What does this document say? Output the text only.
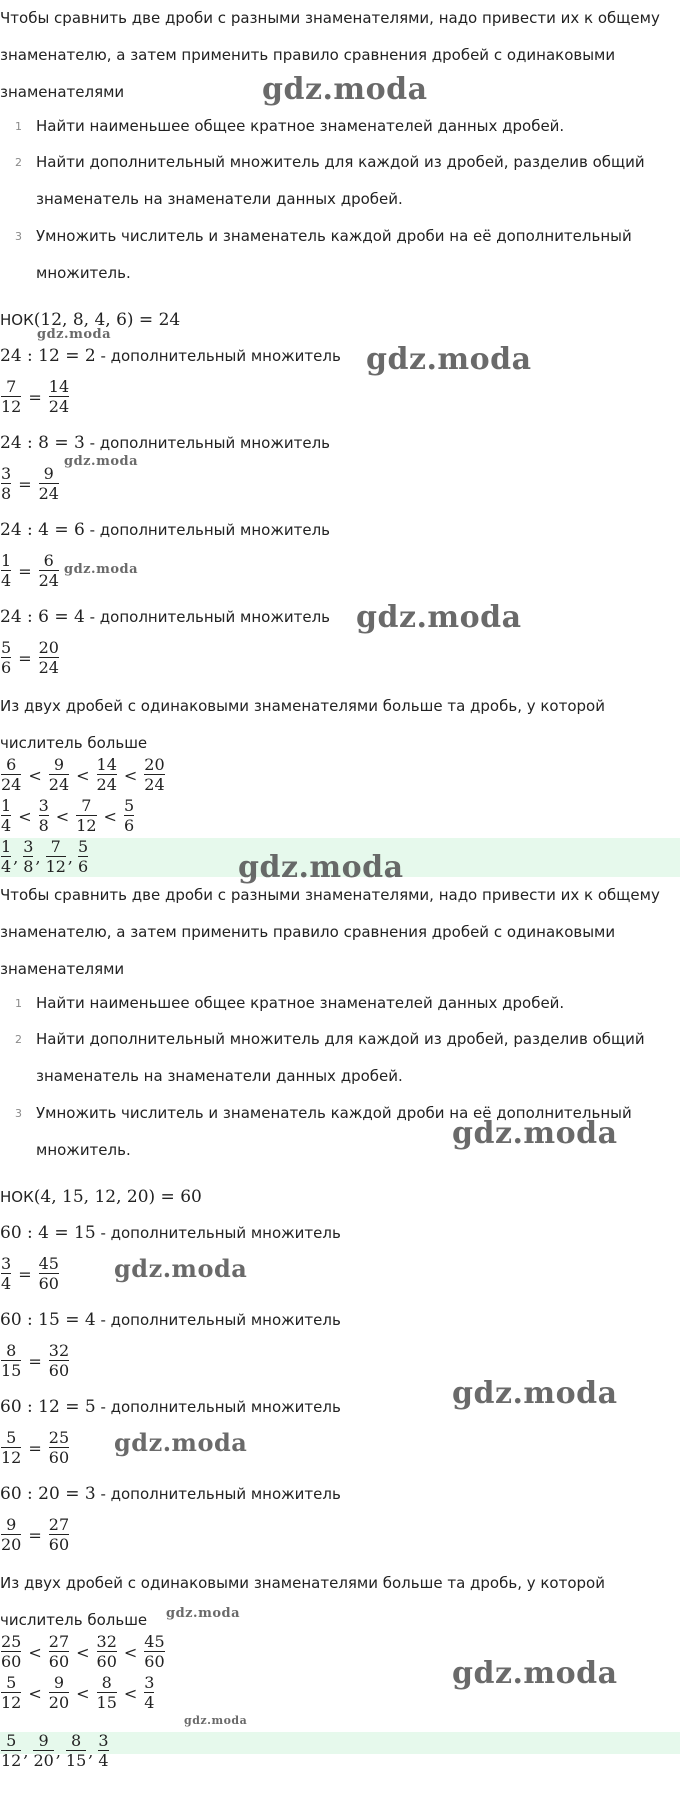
Чтобы сравнить две дроби с разными знаменателями, надо привести их к общему знаменателю, а затем применить правило сравнения дробей с одинаковыми знаменателями
1 Найти наименьшее общее кратное знаменателей данных дробей.
2 Найти дополнительный множитель для каждой из дробей, разделив общий знаменатель на знаменатели данных дробей.
3 Умножить числитель и знаменатель каждой дроби на её дополнительный множитель.
НОК(12, 8, 4, 6) = 24
24 : 12 = 2 - дополнительный множитель
$\frac{7}{12} = \frac{14}{24}$
24 : 8 = 3 - дополнительный множитель
$\frac{3}{8} = \frac{9}{24}$
24 : 4 = 6 - дополнительный множитель
$\frac{1}{4} = \frac{6}{24}$
24 : 6 = 4 - дополнительный множитель
$\frac{5}{6} = \frac{20}{24}$
Из двух дробей с одинаковыми знаменателями больше та дробь, у которой числитель больше
$\frac{6}{24} < \frac{9}{24} < \frac{14}{24} < \frac{20}{24}$
$\frac{1}{4} < \frac{3}{8} < \frac{7}{12} < \frac{5}{6}$
$\frac{1}{4}$ , $\frac{3}{8}$ , $\frac{7}{12}$ , $\frac{5}{6}$
Чтобы сравнить две дроби с разными знаменателями, надо привести их к общему знаменателю, а затем применить правило сравнения дробей с одинаковыми знаменателями
1 Найти наименьшее общее кратное знаменателей данных дробей.
2 Найти дополнительный множитель для каждой из дробей, разделив общий знаменатель на знаменатели данных дробей.
3 Умножить числитель и знаменатель каждой дроби на её дополнительный множитель.
НОК(4, 15, 12, 20) = 60
60 : 4 = 15 - дополнительный множитель
$\frac{3}{4} = \frac{45}{60}$
60 : 15 = 4 - дополнительный множитель
$\frac{8}{15} = \frac{32}{60}$
60 : 12 = 5 - дополнительный множитель
$\frac{5}{12} = \frac{25}{60}$
60 : 20 = 3 - дополнительный множитель
$\frac{9}{20} = \frac{27}{60}$
Из двух дробей с одинаковыми знаменателями больше та дробь, у которой числитель больше
$\frac{25}{60} < \frac{27}{60} < \frac{32}{60} < \frac{45}{60}$
$\frac{5}{12} < \frac{9}{20} < \frac{8}{15} < \frac{3}{4}$
$\frac{5}{12}$ , $\frac{9}{20}$ , $\frac{8}{15}$ , $\frac{3}{4}$
gdz.moda
gdz.moda
gdz.moda
gdz.moda
gdz.moda
gdz.moda
gdz.moda
gdz.moda
gdz.moda
gdz.moda
gdz.moda
gdz.moda
gdz.moda
gdz.moda
